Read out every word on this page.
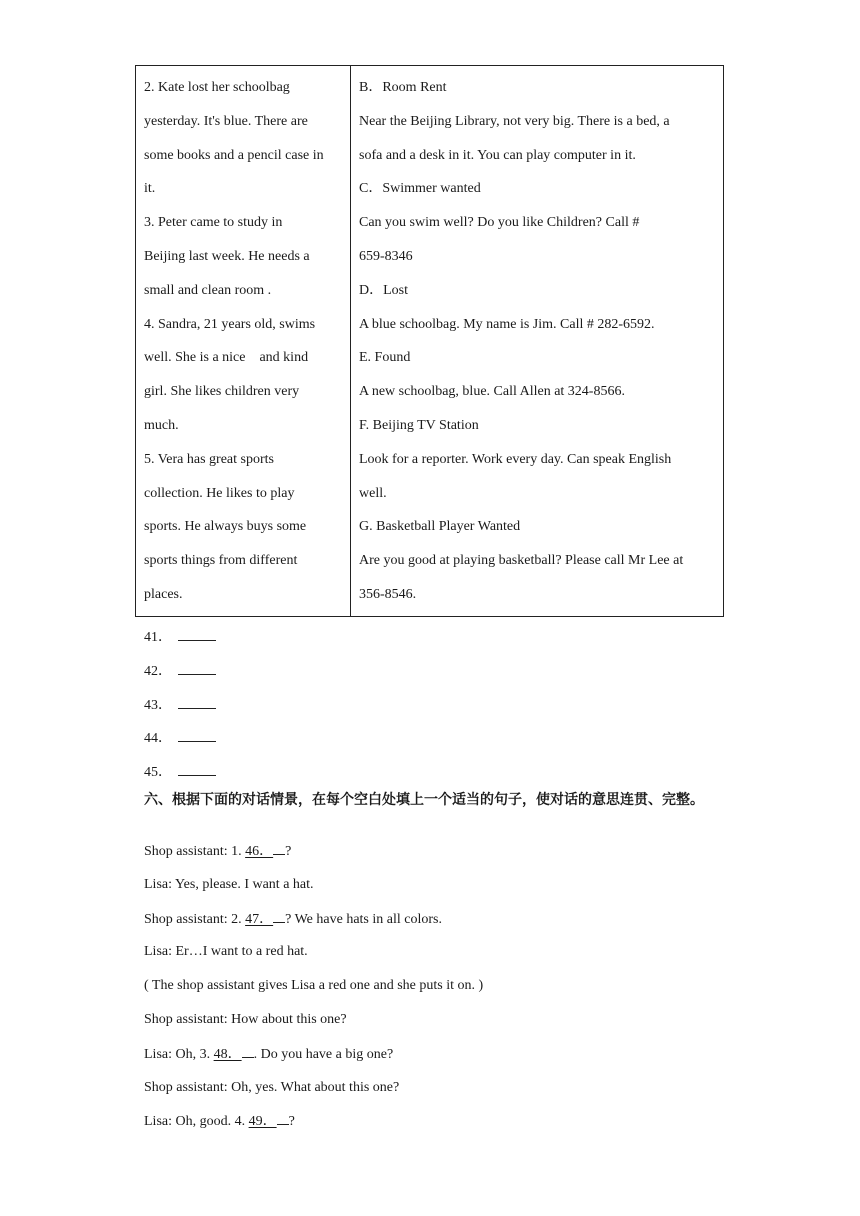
2. Kate lost her schoolbag
yesterday. It's blue. There are
some books and a pencil case in
it.
3. Peter came to study in
Beijing last week. He needs a
small and clean room .
4. Sandra, 21 years old, swims
well. She is a nice    and kind
girl. She likes children very
much.
5. Vera has great sports
collection. He likes to play
sports. He always buys some
sports things from different
places.
B．Room Rent
Near the Beijing Library, not very big. There is a bed, a
sofa and a desk in it. You can play computer in it.
C．Swimmer wanted
Can you swim well? Do you like Children? Call #
659-8346
D．Lost
A blue schoolbag. My name is Jim. Call # 282-6592.
E. Found
A new schoolbag, blue. Call Allen at 324-8566.
F. Beijing TV Station
Look for a reporter. Work every day. Can speak English
well.
G. Basketball Player Wanted
Are you good at playing basketball? Please call Mr Lee at
356-8546.
41．
42．
43．
44．
45．
六、根据下面的对话情景，在每个空白处填上一个适当的句子，使对话的意思连贯、完整。
Shop assistant: 1. 46． ?
Lisa: Yes, please. I want a hat.
Shop assistant: 2. 47． ? We have hats in all colors.
Lisa: Er…I want to a red hat.
( The shop assistant gives Lisa a red one and she puts it on. )
Shop assistant: How about this one?
Lisa: Oh, 3. 48． . Do you have a big one?
Shop assistant: Oh, yes. What about this one?
Lisa: Oh, good. 4. 49． ?
